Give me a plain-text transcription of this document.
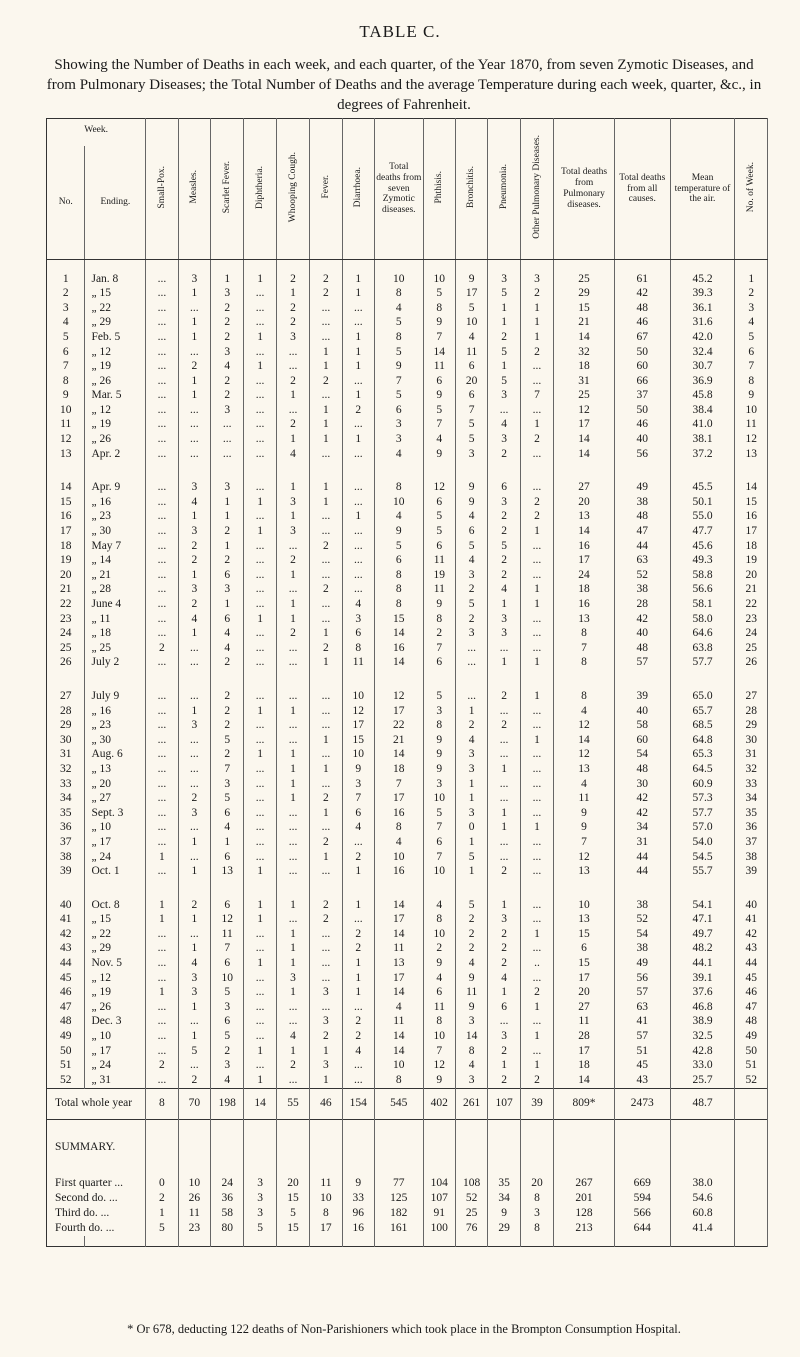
TABLE C.
Showing the Number of Deaths in each week, and each quarter, of the Year 1870, from seven Zymotic Diseases, and from Pulmonary Diseases; the Total Number of Deaths and the average Temperature during each week, quarter, &c., in degrees of Fahrenheit.
Week.		Small-Pox.	Measles.	Scarlet Fever.	Diphtheria.	Whooping Cough.	Fever.	Diarrhoea.	Total deaths from seven Zymotic diseases.	Phthisis.	Bronchitis.	Pneumonia.	Other Pulmonary Diseases.	Total deaths from Pulmonary diseases.	Total deaths from all causes.	Mean temperature of the air.	No. of Week.
No.	Ending.																

1	Jan. 8	...	3	1	1	2	2	1	10	10	9	3	3	25	61	45.2	1
2	„ 15	...	1	3	...	1	2	1	8	5	17	5	2	29	42	39.3	2
3	„ 22	...	...	2	...	2	...	...	4	8	5	1	1	15	48	36.1	3
4	„ 29	...	1	2	...	2	...	...	5	9	10	1	1	21	46	31.6	4
5	Feb. 5	...	1	2	1	3	...	1	8	7	4	2	1	14	67	42.0	5
6	„ 12	...	...	3	...	...	1	1	5	14	11	5	2	32	50	32.4	6
7	„ 19	...	2	4	1	...	1	1	9	11	6	1	...	18	60	30.7	7
8	„ 26	...	1	2	...	2	2	...	7	6	20	5	...	31	66	36.9	8
9	Mar. 5	...	1	2	...	1	...	1	5	9	6	3	7	25	37	45.8	9
10	„ 12	...	...	3	...	...	1	2	6	5	7	...	...	12	50	38.4	10
11	„ 19	...	...	...	...	2	1	...	3	7	5	4	1	17	46	41.0	11
12	„ 26	...	...	...	...	1	1	1	3	4	5	3	2	14	40	38.1	12
13	Apr. 2	...	...	...	...	4	...	...	4	9	3	2	...	14	56	37.2	13

14	Apr. 9	...	3	3	...	1	1	...	8	12	9	6	...	27	49	45.5	14
15	„ 16	...	4	1	1	3	1	...	10	6	9	3	2	20	38	50.1	15
16	„ 23	...	1	1	...	1	...	1	4	5	4	2	2	13	48	55.0	16
17	„ 30	...	3	2	1	3	...	...	9	5	6	2	1	14	47	47.7	17
18	May 7	...	2	1	...	...	2	...	5	6	5	5	...	16	44	45.6	18
19	„ 14	...	2	2	...	2	...	...	6	11	4	2	...	17	63	49.3	19
20	„ 21	...	1	6	...	1	...	...	8	19	3	2	...	24	52	58.8	20
21	„ 28	...	3	3	...	...	2	...	8	11	2	4	1	18	38	56.6	21
22	June 4	...	2	1	...	1	...	4	8	9	5	1	1	16	28	58.1	22
23	„ 11	...	4	6	1	1	...	3	15	8	2	3	...	13	42	58.0	23
24	„ 18	...	1	4	...	2	1	6	14	2	3	3	...	8	40	64.6	24
25	„ 25	2	...	4	...	...	2	8	16	7	...	...	...	7	48	63.8	25
26	July 2	...	...	2	...	...	1	11	14	6	...	1	1	8	57	57.7	26

27	July 9	...	...	2	...	...	...	10	12	5	...	2	1	8	39	65.0	27
28	„ 16	...	1	2	1	1	...	12	17	3	1	...	...	4	40	65.7	28
29	„ 23	...	3	2	...	...	...	17	22	8	2	2	...	12	58	68.5	29
30	„ 30	...	...	5	...	...	1	15	21	9	4	...	1	14	60	64.8	30
31	Aug. 6	...	...	2	1	1	...	10	14	9	3	...	...	12	54	65.3	31
32	„ 13	...	...	7	...	1	1	9	18	9	3	1	...	13	48	64.5	32
33	„ 20	...	...	3	...	1	...	3	7	3	1	...	...	4	30	60.9	33
34	„ 27	...	2	5	...	1	2	7	17	10	1	...	...	11	42	57.3	34
35	Sept. 3	...	3	6	...	...	1	6	16	5	3	1	...	9	42	57.7	35
36	„ 10	...	...	4	...	...	...	4	8	7	0	1	1	9	34	57.0	36
37	„ 17	...	1	1	...	...	2	...	4	6	1	...	...	7	31	54.0	37
38	„ 24	1	...	6	...	...	1	2	10	7	5	...	...	12	44	54.5	38
39	Oct. 1	...	1	13	1	...	...	1	16	10	1	2	...	13	44	55.7	39

40	Oct. 8	1	2	6	1	1	2	1	14	4	5	1	...	10	38	54.1	40
41	„ 15	1	1	12	1	...	2	...	17	8	2	3	...	13	52	47.1	41
42	„ 22	...	...	11	...	1	...	2	14	10	2	2	1	15	54	49.7	42
43	„ 29	...	1	7	...	1	...	2	11	2	2	2	...	6	38	48.2	43
44	Nov. 5	...	4	6	1	1	...	1	13	9	4	2	..	15	49	44.1	44
45	„ 12	...	3	10	...	3	...	1	17	4	9	4	...	17	56	39.1	45
46	„ 19	1	3	5	...	1	3	1	14	6	11	1	2	20	57	37.6	46
47	„ 26	...	1	3	...	...	...	...	4	11	9	6	1	27	63	46.8	47
48	Dec. 3	...	...	6	...	...	3	2	11	8	3	...	...	11	41	38.9	48
49	„ 10	...	1	5	...	4	2	2	14	10	14	3	1	28	57	32.5	49
50	„ 17	...	5	2	1	1	1	4	14	7	8	2	...	17	51	42.8	50
51	„ 24	2	...	3	...	2	3	...	10	12	4	1	1	18	45	33.0	51
52	„ 31	...	2	4	1	...	1	...	8	9	3	2	2	14	43	25.7	52
Total whole year		8	70	198	14	55	46	154	545	402	261	107	39	809*	2473	48.7	
SUMMARY.																	
First quarter ...		0	10	24	3	20	11	9	77	104	108	35	20	267	669	38.0	
Second do. ...		2	26	36	3	15	10	33	125	107	52	34	8	201	594	54.6	
Third do. ...		1	11	58	3	5	8	96	182	91	25	9	3	128	566	60.8	
Fourth do. ...		5	23	80	5	15	17	16	161	100	76	29	8	213	644	41.4	

* Or 678, deducting 122 deaths of Non-Parishioners which took place in the Brompton Consumption Hospital.
